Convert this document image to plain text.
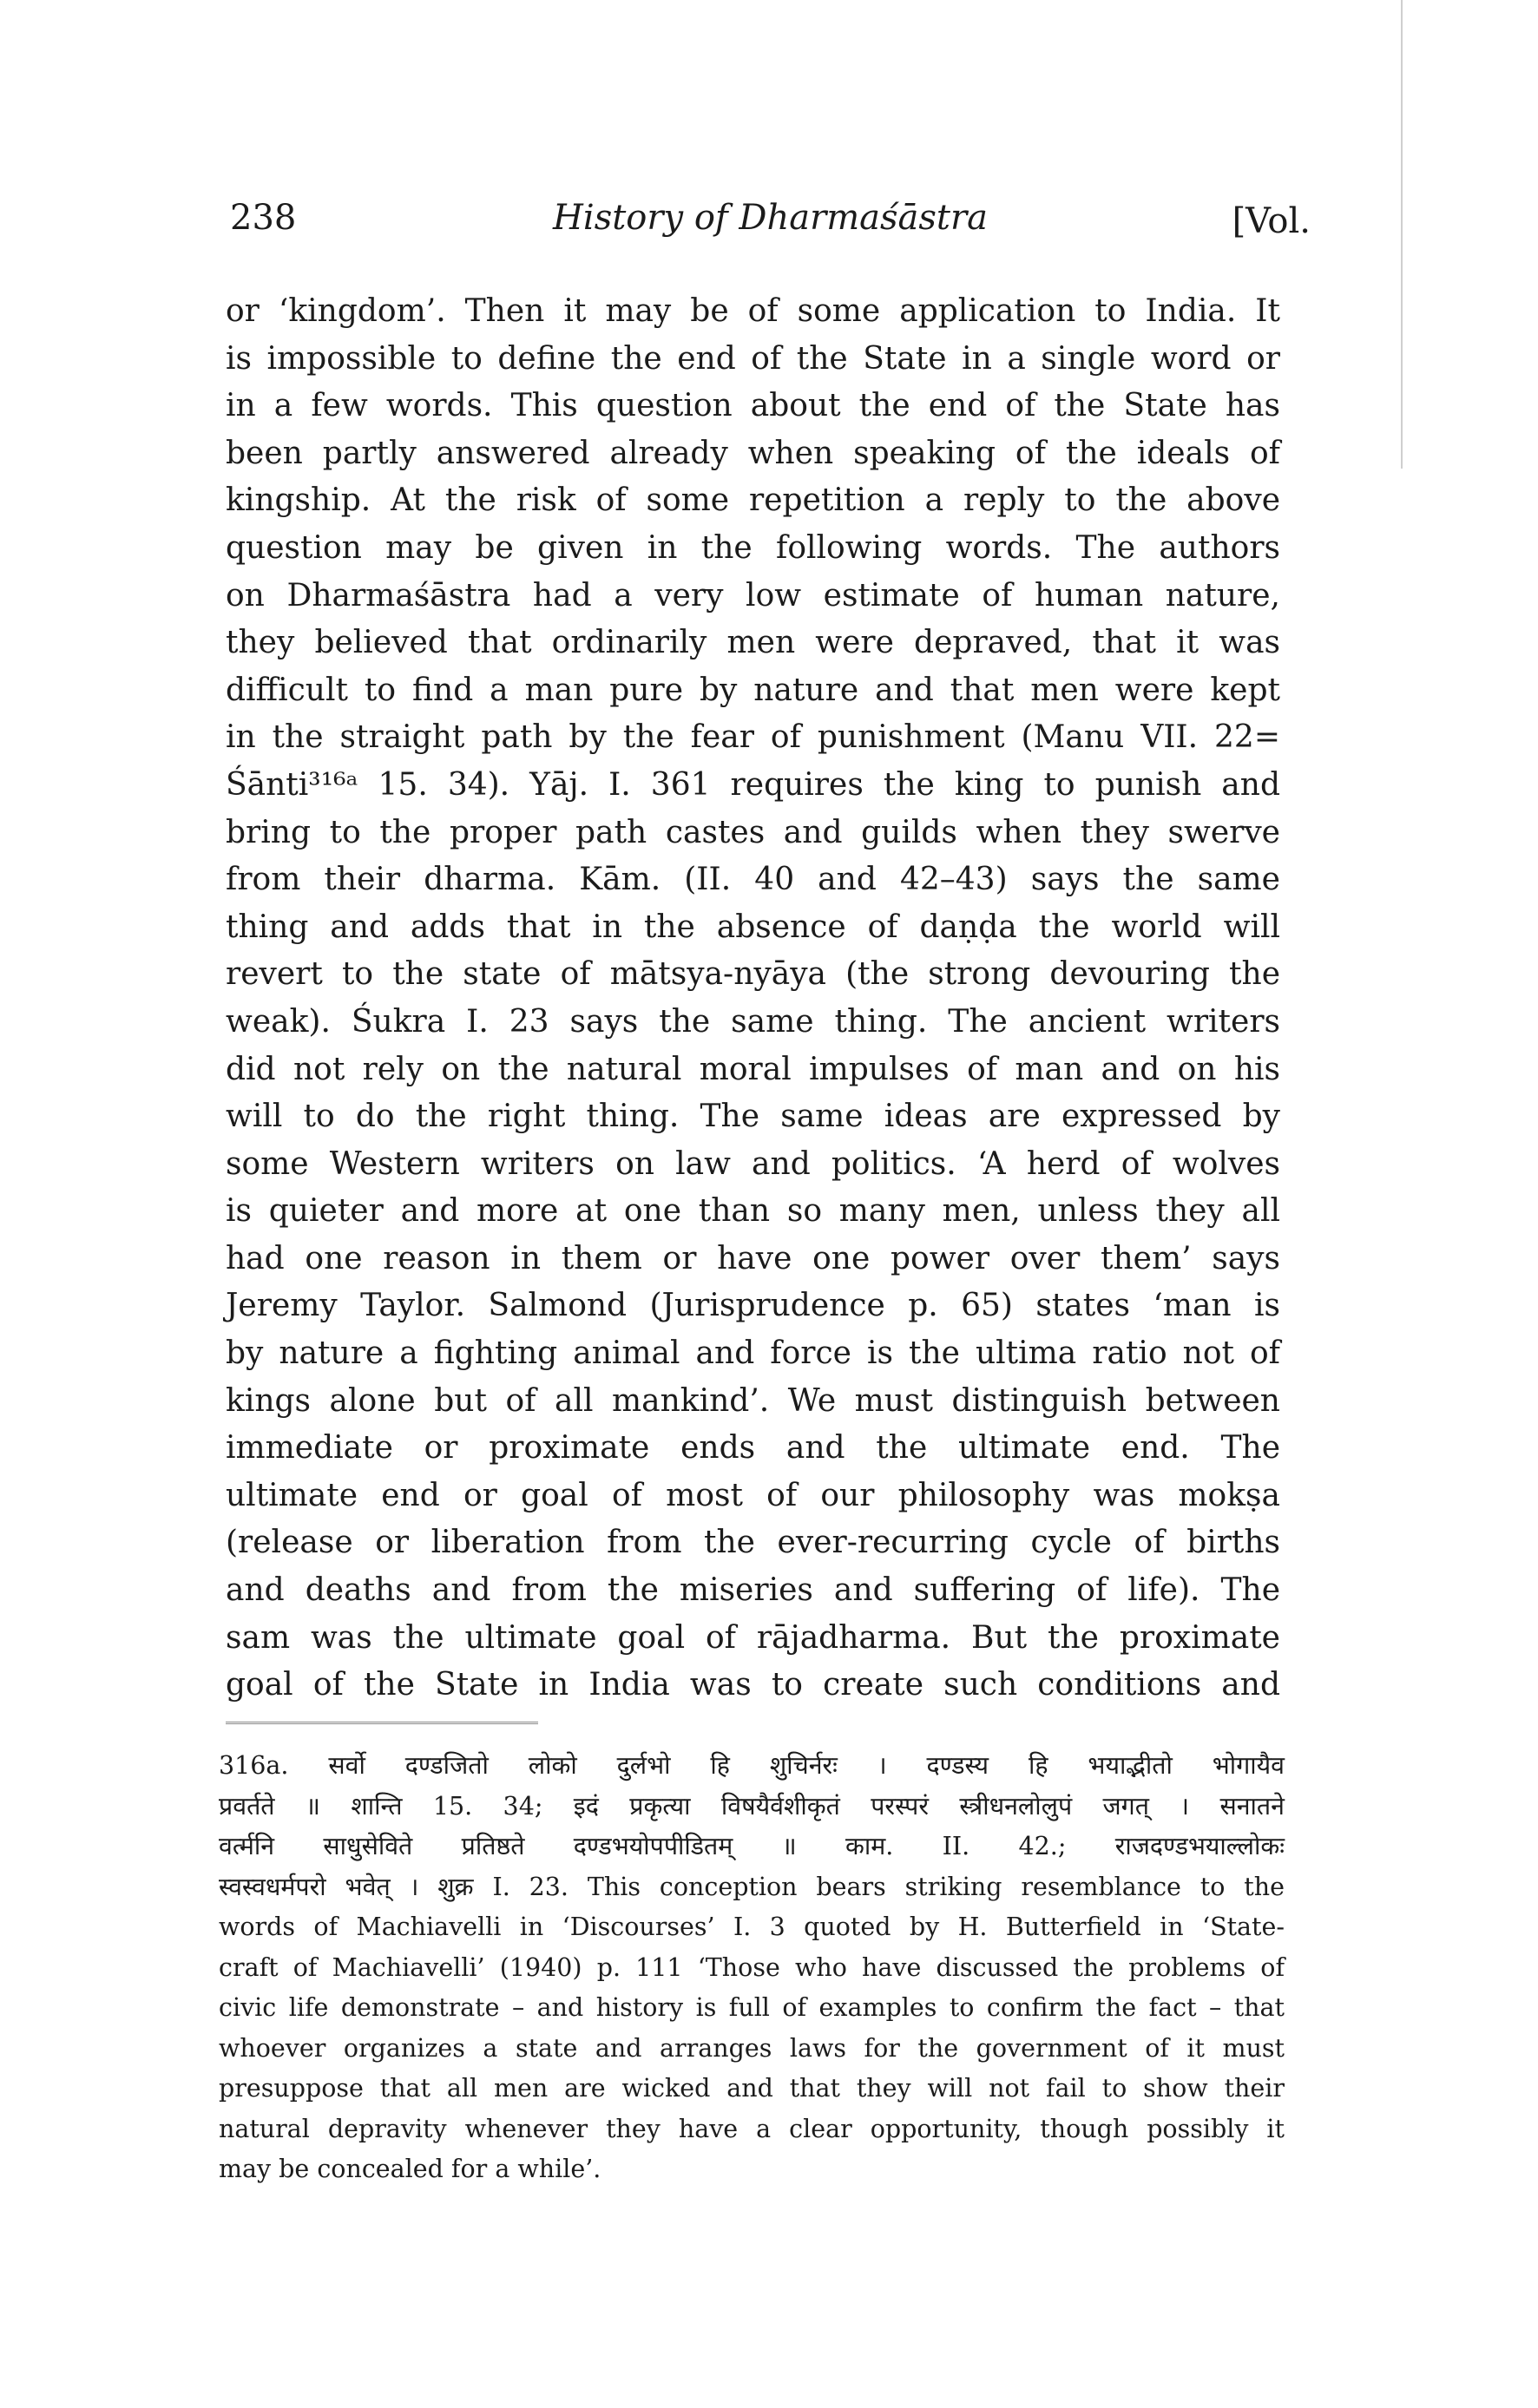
238	History of Dharmaśāstra	[Vol.
or ‘kingdom’. Then it may be of some application to India. It
is impossible to define the end of the State in a single word or
in a few words. This question about the end of the State has
been partly answered already when speaking of the ideals of
kingship. At the risk of some repetition a reply to the above
question may be given in the following words. The authors
on Dharmaśāstra had a very low estimate of human nature,
they believed that ordinarily men were depraved, that it was
difficult to find a man pure by nature and that men were kept
in the straight path by the fear of punishment (Manu VII. 22=
Śānti³¹⁶ᵃ 15. 34). Yāj. I. 361 requires the king to punish and
bring to the proper path castes and guilds when they swerve
from their dharma. Kām. (II. 40 and 42–43) says the same
thing and adds that in the absence of daṇḍa the world will
revert to the state of mātsya-nyāya (the strong devouring the
weak). Śukra I. 23 says the same thing. The ancient writers
did not rely on the natural moral impulses of man and on his
will to do the right thing. The same ideas are expressed by
some Western writers on law and politics. ‘A herd of wolves
is quieter and more at one than so many men, unless they all
had one reason in them or have one power over them’ says
Jeremy Taylor. Salmond (Jurisprudence p. 65) states ‘man is
by nature a fighting animal and force is the ultima ratio not of
kings alone but of all mankind’. We must distinguish between
immediate or proximate ends and the ultimate end. The
ultimate end or goal of most of our philosophy was mokṣa
(release or liberation from the ever-recurring cycle of births
and deaths and from the miseries and suffering of life). The
sam was the ultimate goal of rājadharma. But the proximate
goal of the State in India was to create such conditions and
316a. सर्वो दण्डजितो लोको दुर्लभो हि शुचिर्नरः । दण्डस्य हि भयाद्भीतो भोगायैव
प्रवर्तते ॥ शान्ति 15. 34; इदं प्रकृत्या विषयैर्वशीकृतं परस्परं स्त्रीधनलोलुपं जगत् । सनातने
वर्त्मनि साधुसेविते प्रतिष्ठते दण्डभयोपपीडितम् ॥ काम. II. 42.; राजदण्डभयाल्लोकः
स्वस्वधर्मपरो भवेत् । शुक्र I. 23. This conception bears striking resemblance to the
words of Machiavelli in ‘Discourses’ I. 3 quoted by H. Butterfield in ‘State-
craft of Machiavelli’ (1940) p. 111 ‘Those who have discussed the problems of
civic life demonstrate – and history is full of examples to confirm the fact – that
whoever organizes a state and arranges laws for the government of it must
presuppose that all men are wicked and that they will not fail to show their
natural depravity whenever they have a clear opportunity, though possibly it
may be concealed for a while’.
